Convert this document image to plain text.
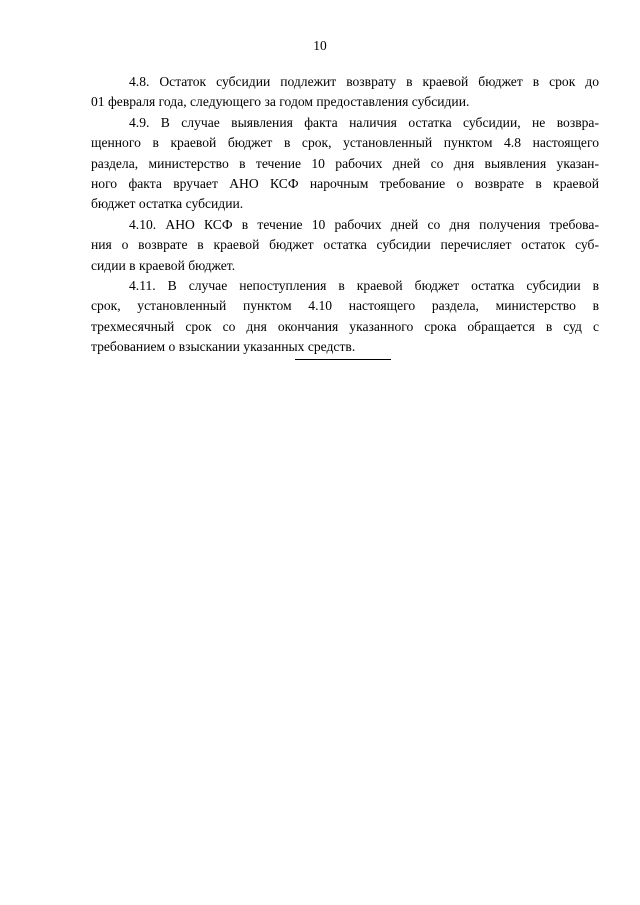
10
4.8. Остаток субсидии подлежит возврату в краевой бюджет в срок до
01 февраля года, следующего за годом предоставления субсидии.
4.9. В случае выявления факта наличия остатка субсидии, не возвра-
щенного в краевой бюджет в срок, установленный пунктом 4.8 настоящего
раздела, министерство в течение 10 рабочих дней со дня выявления указан-
ного факта вручает АНО КСФ нарочным требование о возврате в краевой
бюджет остатка субсидии.
4.10. АНО КСФ в течение 10 рабочих дней со дня получения требова-
ния о возврате в краевой бюджет остатка субсидии перечисляет остаток суб-
сидии в краевой бюджет.
4.11. В случае непоступления в краевой бюджет остатка субсидии в
срок, установленный пунктом 4.10 настоящего раздела, министерство в
трехмесячный срок со дня окончания указанного срока обращается в суд с
требованием о взыскании указанных средств.
